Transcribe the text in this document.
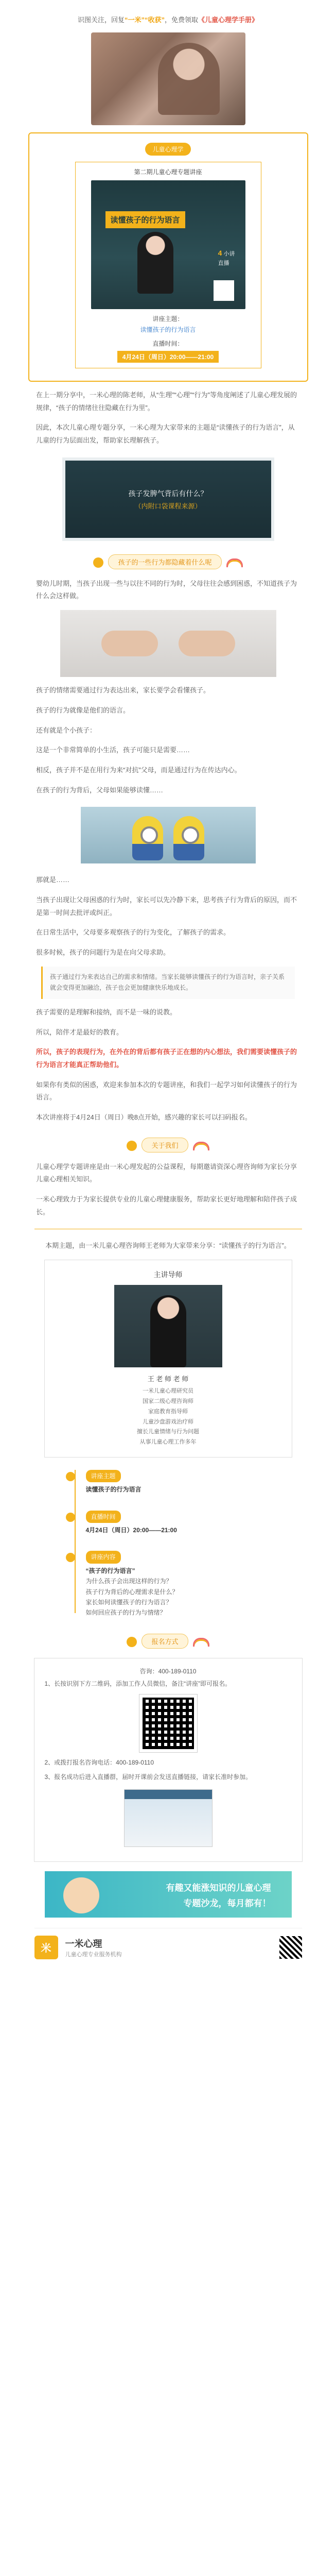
识图关注，回复“一米”“收获”，免费领取《儿童心理学手册》
儿童心理学
第二期儿童心理专题讲座
读懂孩子的行为语言
4 小讲
直播
讲座主题：
读懂孩子的行为语言
直播时间：
4月24日（周日）20:00——21:00

在上一期分享中，一米心理的陈老师，从“生理”“心理”“行为”等角度阐述了儿童心理发展的规律，“孩子的情绪往往隐藏在行为里”。

因此，本次儿童心理专题分享，一米心理为大家带来的主题是“读懂孩子的行为语言”，从儿童的行为层面出发，帮助家长理解孩子。

孩子发脾气背后有什么？
（内附口袋课程来源）
孩子的一些行为都隐藏着什么呢

婴幼儿时期，当孩子出现一些与以往不同的行为时，父母往往会感到困惑，不知道孩子为什么会这样做。

孩子的情绪需要通过行为表达出来，家长要学会看懂孩子。

孩子的行为就像是他们的语言。

还有就是个小孩子：

这是一个非常简单的小生活，孩子可能只是需要……

相反，孩子并不是在用行为来“对抗”父母，而是通过行为在传达内心。

在孩子的行为背后，父母如果能够读懂……

那就是……

当孩子出现让父母困惑的行为时，家长可以先冷静下来，思考孩子行为背后的原因，而不是第一时间去批评或纠正。

在日常生活中，父母要多观察孩子的行为变化，了解孩子的需求。

很多时候，孩子的问题行为是在向父母求助。

孩子通过行为来表达自己的需求和情绪。当家长能够读懂孩子的行为语言时，亲子关系就会变得更加融洽，孩子也会更加健康快乐地成长。

孩子需要的是理解和接纳，而不是一味的说教。

所以，陪伴才是最好的教育。

所以，孩子的表现行为，在外在的背后都有孩子正在想的内心想法，我们需要读懂孩子的行为语言才能真正帮助他们。

如果你有类似的困惑，欢迎来参加本次的专题讲座，和我们一起学习如何读懂孩子的行为语言。

本次讲座将于4月24日（周日）晚8点开始，感兴趣的家长可以扫码报名。

关于我们

儿童心理学专题讲座是由一米心理发起的公益课程，每期邀请资深心理咨询师为家长分享儿童心理相关知识。

一米心理致力于为家长提供专业的儿童心理健康服务，帮助家长更好地理解和陪伴孩子成长。

本期主题，由一米儿童心理咨询师王老师为大家带来分享：“读懂孩子的行为语言”。

主讲导师
王 老 师 老 师
一米儿童心理研究员
国家二级心理咨询师
家庭教育指导师
儿童沙盘游戏治疗师
擅长儿童情绪与行为问题
从事儿童心理工作多年
讲座主题
读懂孩子的行为语言
直播时间
4月24日（周日）20:00——21:00
讲座内容
“孩子的行为语言”
为什么孩子会出现这样的行为？
孩子行为背后的心理需求是什么？
家长如何读懂孩子的行为语言？
如何回应孩子的行为与情绪？
报名方式
咨询：400-189-0110
1、长按识别下方二维码，添加工作人员微信，备注“讲座”即可报名。
2、或拨打报名咨询电话：400-189-0110
3、报名成功后进入直播群，届时开课前会发送直播链接，请家长准时参加。
有趣又能涨知识的儿童心理
专题沙龙，每月都有！
米	一米心理
儿童心理专业服务机构
